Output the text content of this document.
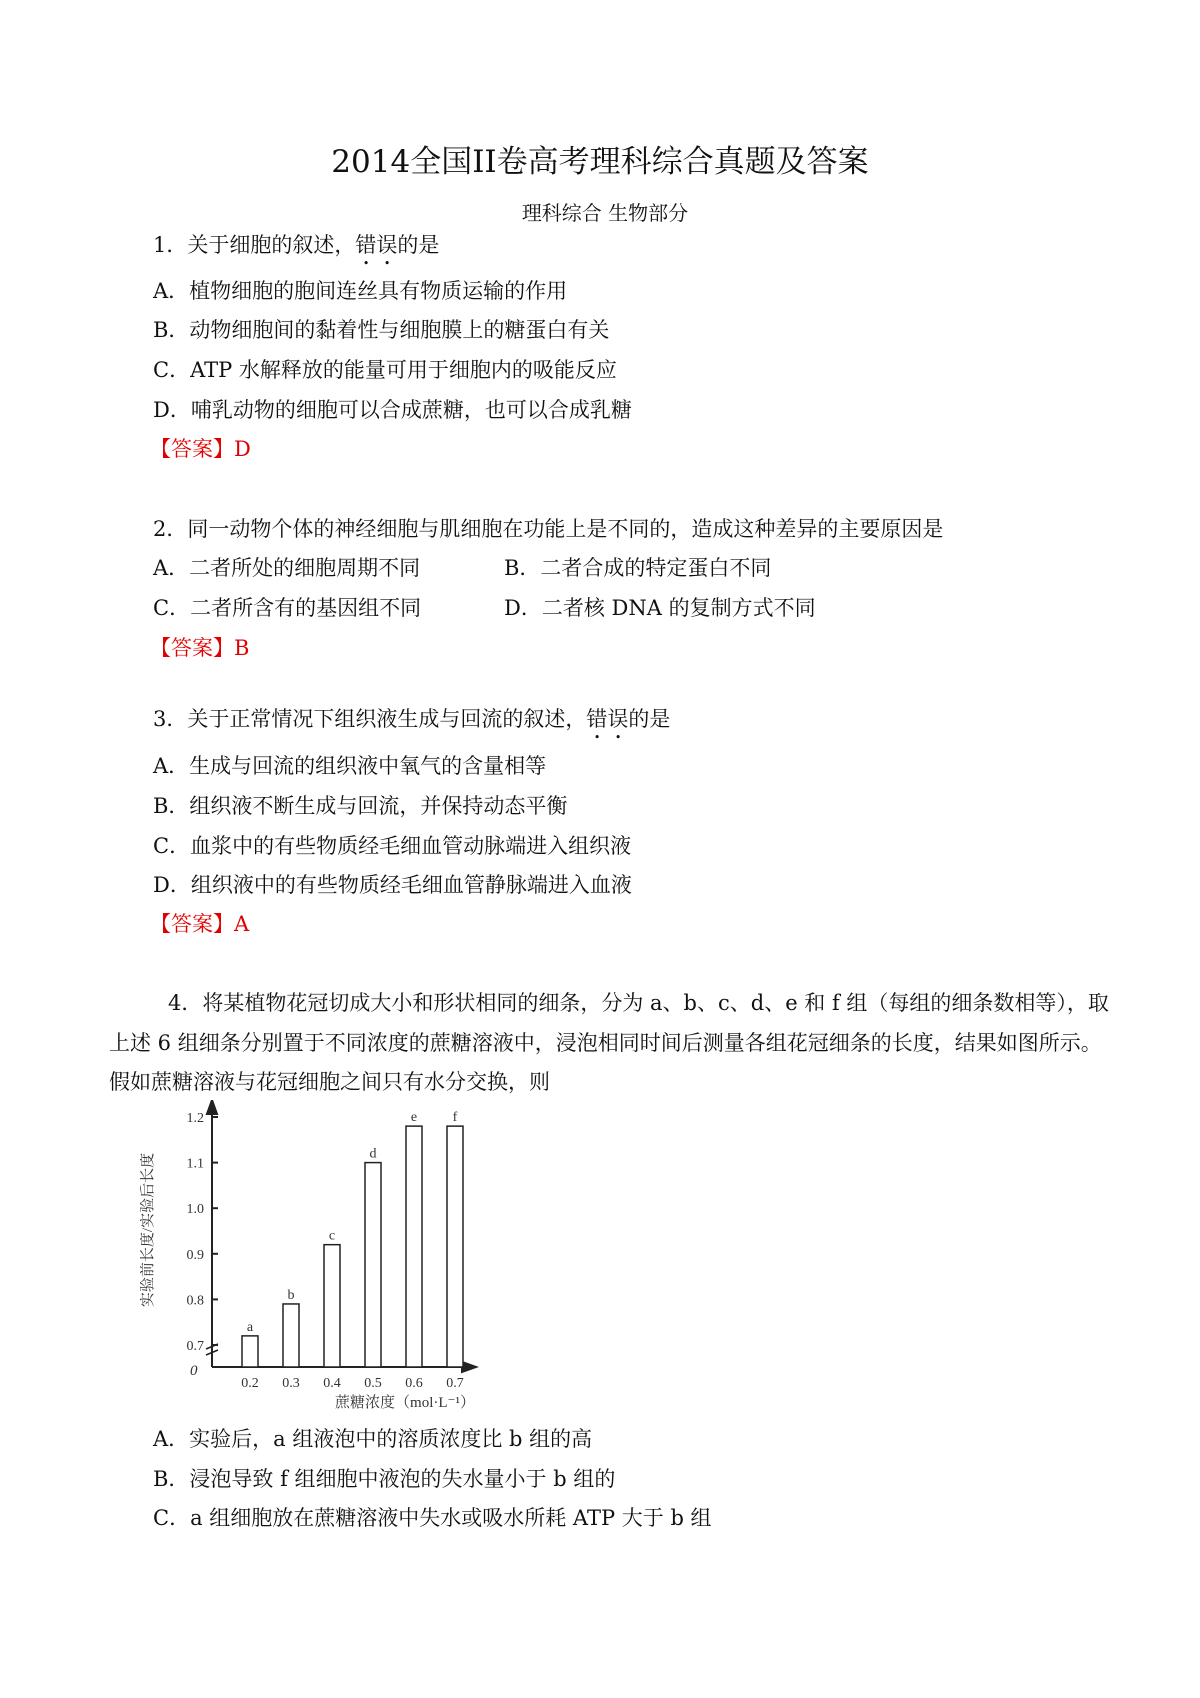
2014全国II卷高考理科综合真题及答案
理科综合 生物部分
1．关于细胞的叙述，错误的是
A．植物细胞的胞间连丝具有物质运输的作用
B．动物细胞间的黏着性与细胞膜上的糖蛋白有关
C．ATP 水解释放的能量可用于细胞内的吸能反应
D．哺乳动物的细胞可以合成蔗糖，也可以合成乳糖
【答案】D
2．同一动物个体的神经细胞与肌细胞在功能上是不同的，造成这种差异的主要原因是
A．二者所处的细胞周期不同	B．二者合成的特定蛋白不同
C．二者所含有的基因组不同	D．二者核 DNA 的复制方式不同
【答案】B
3．关于正常情况下组织液生成与回流的叙述，错误的是
A．生成与回流的组织液中氧气的含量相等
B．组织液不断生成与回流，并保持动态平衡
C．血浆中的有些物质经毛细血管动脉端进入组织液
D．组织液中的有些物质经毛细血管静脉端进入血液
【答案】A
4．将某植物花冠切成大小和形状相同的细条，分为 a、b、c、d、e 和 f 组（每组的细条数相等），取
上述 6 组细条分别置于不同浓度的蔗糖溶液中，浸泡相同时间后测量各组花冠细条的长度，结果如图所示。
假如蔗糖溶液与花冠细胞之间只有水分交换，则
0
0.7
0.8
0.9
1.0
1.1
1.2
a
0.2
b
0.3
c
0.4
d
0.5
e
0.6
f
0.7
蔗糖浓度（mol·L⁻¹）
实验前长度/实验后长度
A．实验后，a 组液泡中的溶质浓度比 b 组的高
B．浸泡导致 f 组细胞中液泡的失水量小于 b 组的
C．a 组细胞放在蔗糖溶液中失水或吸水所耗 ATP 大于 b 组
